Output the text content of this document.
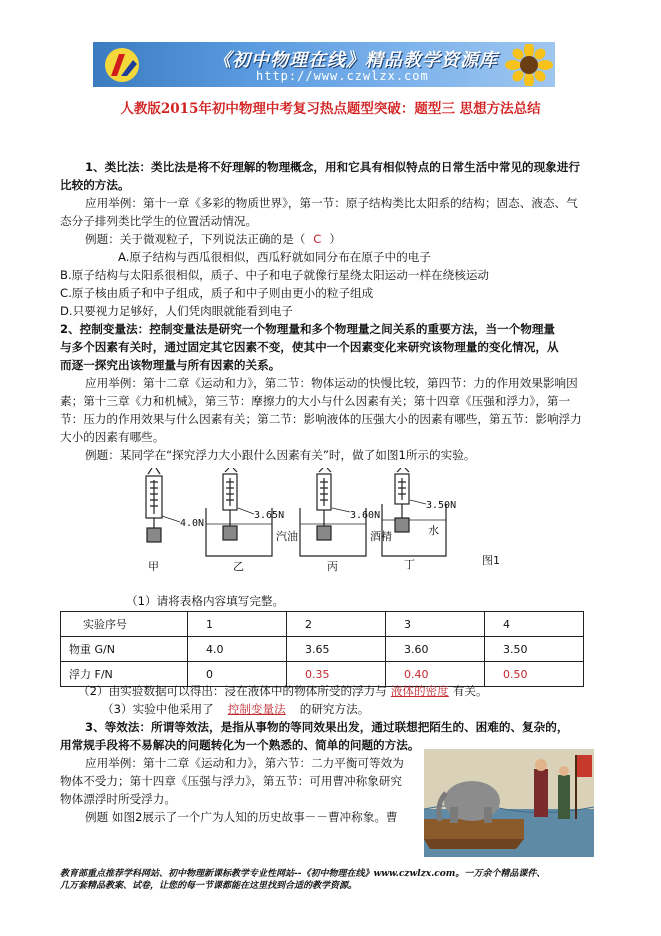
《初中物理在线》精品教学资源库
http://www.czwlzx.com
人教版2015年初中物理中考复习热点题型突破：题型三 思想方法总结
1、类比法：类比法是将不好理解的物理概念，用和它具有相似特点的日常生活中常见的现象进行
比较的方法。
应用举例：第十一章《多彩的物质世界》，第一节：原子结构类比太阳系的结构；固态、液态、气
态分子排列类比学生的位置活动情况。
例题：关于微观粒子，下列说法正确的是（ C ）
A.原子结构与西瓜很相似，西瓜籽就如同分布在原子中的电子
B.原子结构与太阳系很相似，质子、中子和电子就像行星绕太阳运动一样在绕核运动
C.原子核由质子和中子组成，质子和中子则由更小的粒子组成
D.只要视力足够好，人们凭肉眼就能看到电子
2、控制变量法：控制变量法是研究一个物理量和多个物理量之间关系的重要方法，当一个物理量
与多个因素有关时，通过固定其它因素不变，使其中一个因素变化来研究该物理量的变化情况，从
而逐一探究出该物理量与所有因素的关系。
应用举例：第十二章《运动和力》，第二节：物体运动的快慢比较，第四节：力的作用效果影响因
素；第十三章《力和机械》，第三节：摩擦力的大小与什么因素有关；第十四章《压强和浮力》，第一
节：压力的作用效果与什么因素有关；第二节：影响液体的压强大小的因素有哪些，第五节：影响浮力
大小的因素有哪些。
例题：某同学在“探究浮力大小跟什么因素有关”时，做了如图1所示的实验。
4.0N
3.65N	3.60N
3.50N
汽油	酒精	水
甲	乙	丙	丁	图1
（1）请将表格内容填写完整。
实验序号	1	2	3	4
物重 G/N	4.0	3.65	3.60	3.50
浮力 F/N	0	0.35	0.40	0.50
（2）由实验数据可以得出：浸在液体中的物体所受的浮力与 液体的密度 有关。
（3）实验中他采用了 控制变量法 的研究方法。
3、等效法：所谓等效法，是指从事物的等同效果出发，通过联想把陌生的、困难的、复杂的，
用常规手段将不易解决的问题转化为一个熟悉的、简单的问题的方法。
应用举例：第十二章《运动和力》，第六节：二力平衡可等效为
物体不受力；第十四章《压强与浮力》，第五节：可用曹冲称象研究
物体漂浮时所受浮力。
例题 如图2展示了一个广为人知的历史故事－－曹冲称象。曹
教育部重点推荐学科网站、初中物理新课标教学专业性网站--《初中物理在线》www.czwlzx.com。一万余个精品课件、
几万套精品教案、试卷，让您的每一节课都能在这里找到合适的教学资源。
